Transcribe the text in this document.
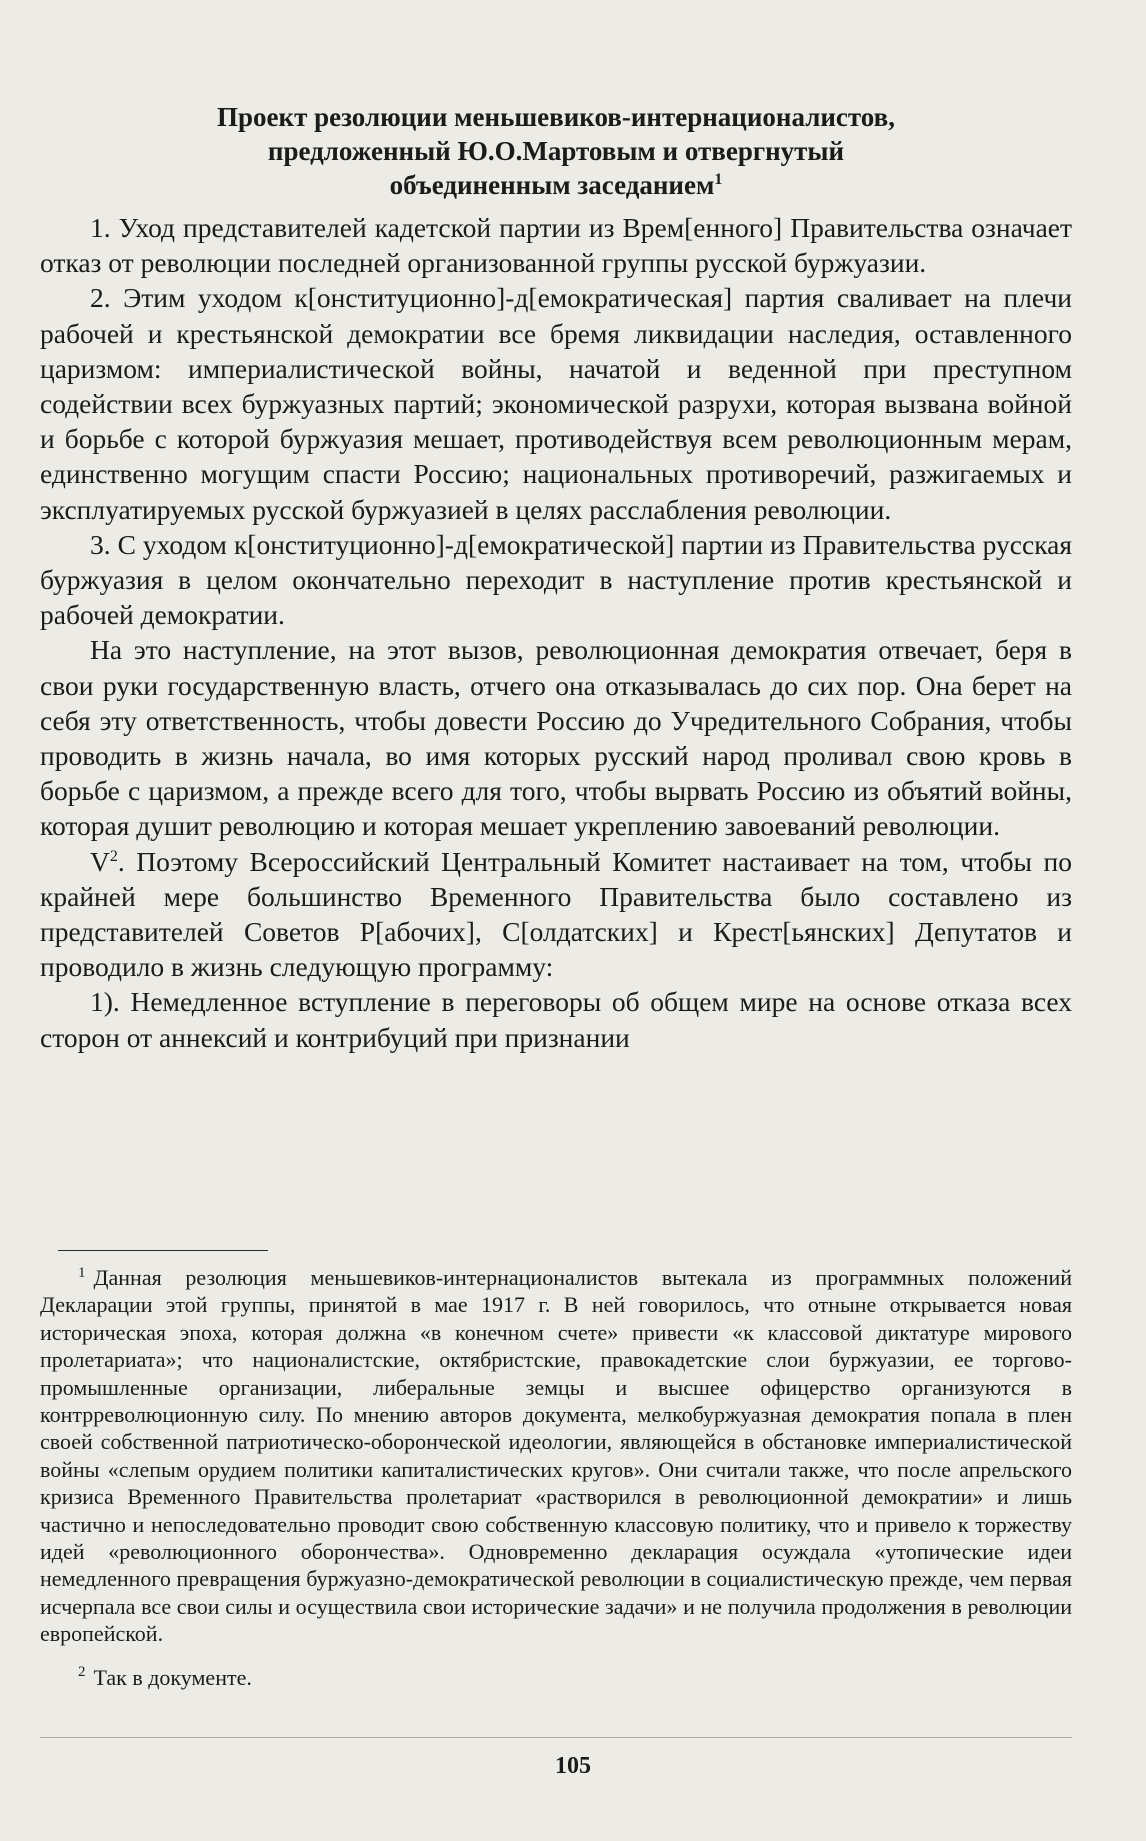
Проект резолюции меньшевиков-интернационалистов,
предложенный Ю.О.Мартовым и отвергнутый
объединенным заседанием$^1$

1. Уход представителей кадетской партии из Врем[енного] Правительства означает отказ от революции последней организованной группы русской буржуазии.

2. Этим уходом к[онституционно]-д[емократическая] партия сваливает на плечи рабочей и крестьянской демократии все бремя ликвидации наследия, оставленного царизмом: империалистической войны, начатой и веденной при преступном содействии всех буржуазных партий; экономической разрухи, которая вызвана войной и борьбе с которой буржуазия мешает, противодействуя всем революционным мерам, единственно могущим спасти Россию; национальных противоречий, разжигаемых и эксплуатируемых русской буржуазией в целях расслабления революции.

3. С уходом к[онституционно]-д[емократической] партии из Правительства русская буржуазия в целом окончательно переходит в наступление против крестьянской и рабочей демократии.

На это наступление, на этот вызов, революционная демократия отвечает, беря в свои руки государственную власть, отчего она отказывалась до сих пор. Она берет на себя эту ответственность, чтобы довести Россию до Учредительного Собрания, чтобы проводить в жизнь начала, во имя которых русский народ проливал свою кровь в борьбе с царизмом, а прежде всего для того, чтобы вырвать Россию из объятий войны, которая душит революцию и которая мешает укреплению завоеваний революции.

$V^2$. Поэтому Всероссийский Центральный Комитет настаивает на том, чтобы по крайней мере большинство Временного Правительства было составлено из представителей Советов Р[абочих], С[олдатских] и Крест[ьянских] Депутатов и проводило в жизнь следующую программу:

1). Немедленное вступление в переговоры об общем мире на основе отказа всех сторон от аннексий и контрибуций при признании

$^1$ Данная резолюция меньшевиков-интернационалистов вытекала из программных положений Декларации этой группы, принятой в мае 1917 г. В ней говорилось, что отныне открывается новая историческая эпоха, которая должна «в конечном счете» привести «к классовой диктатуре мирового пролетариата»; что националистские, октябристские, правокадетские слои буржуазии, ее торгово-промышленные организации, либеральные земцы и высшее офицерство организуются в контрреволюционную силу. По мнению авторов документа, мелкобуржуазная демократия попала в плен своей собственной патриотическо-оборончеcкой идеологии, являющейся в обстановке империалистической войны «слепым орудием политики капиталистических кругов». Они считали также, что после апрельского кризиса Временного Правительства пролетариат «растворился в революционной демократии» и лишь частично и непоследовательно проводит свою собственную классовую политику, что и привело к торжеству идей «революционного оборончества». Одновременно декларация осуждала «утопические идеи немедленного превращения буржуазно-демократической революции в социалистическую прежде, чем первая исчерпала все свои силы и осуществила свои исторические задачи» и не получила продолжения в революции европейской.

$^2$ Так в документе.

105
